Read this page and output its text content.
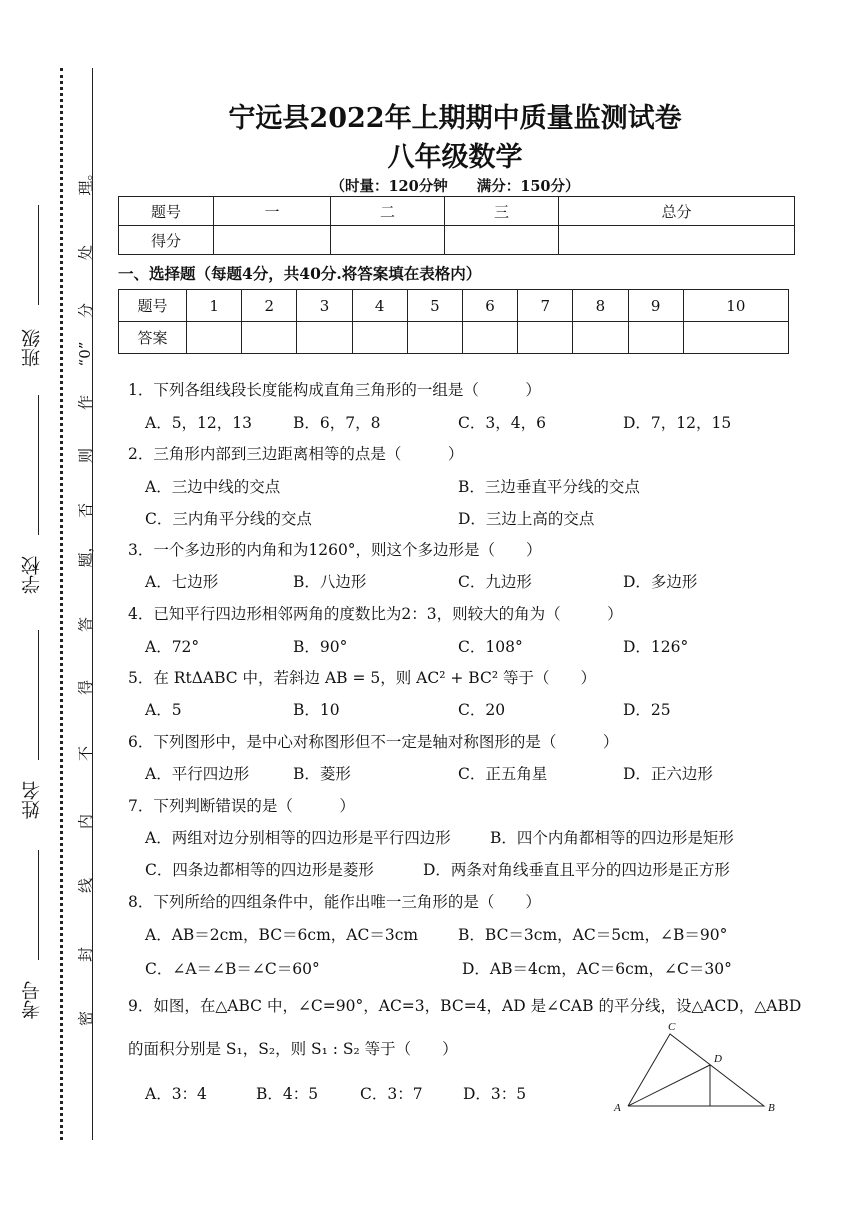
班级
学校
姓名
考号	密
封
线
内
不
得
答
题，
否
则
作
“0”
分
处
理。
宁远县2022年上期期中质量监测试卷
八年级数学
（时量：120分钟　　满分：150分）
题号	一	二	三	总分
得分				
一、选择题（每题4分，共40分.将答案填在表格内）
题号	1	2	3	4	5	6	7	8	9	10
答案										
1．下列各组线段长度能构成直角三角形的一组是（　　　）
A．5，12，13	B．6，7，8	C．3，4，6	D．7，12，15
2．三角形内部到三边距离相等的点是（　　　）
A．三边中线的交点	B．三边垂直平分线的交点
C．三内角平分线的交点	D．三边上高的交点
3．一个多边形的内角和为1260°，则这个多边形是（　　）
A．七边形	B．八边形	C．九边形	D．多边形
4．已知平行四边形相邻两角的度数比为2：3，则较大的角为（　　　）
A．72°	B．90°	C．108°	D．126°
5．在 RtΔABC 中，若斜边 AB = 5，则 AC² + BC² 等于（　　）
A．5	B．10	C．20	D．25
6．下列图形中，是中心对称图形但不一定是轴对称图形的是（　　　）
A．平行四边形	B．菱形	C．正五角星	D．正六边形
7．下列判断错误的是（　　　）
A．两组对边分别相等的四边形是平行四边形	B．四个内角都相等的四边形是矩形
C．四条边都相等的四边形是菱形	D．两条对角线垂直且平分的四边形是正方形
8．下列所给的四组条件中，能作出唯一三角形的是（　　）
A．AB＝2cm，BC＝6cm，AC＝3cm	B．BC＝3cm，AC＝5cm，∠B＝90°
C．∠A＝∠B＝∠C＝60°	D．AB＝4cm，AC＝6cm，∠C＝30°
9．如图，在△ABC 中，∠C=90°，AC=3，BC=4，AD 是∠CAB 的平分线，设△ACD，△ABD
的面积分别是 S₁，S₂，则 S₁ : S₂ 等于（　　）
A．3：4	B．4：5	C．3：7	D．3：5
A	B
C
D
